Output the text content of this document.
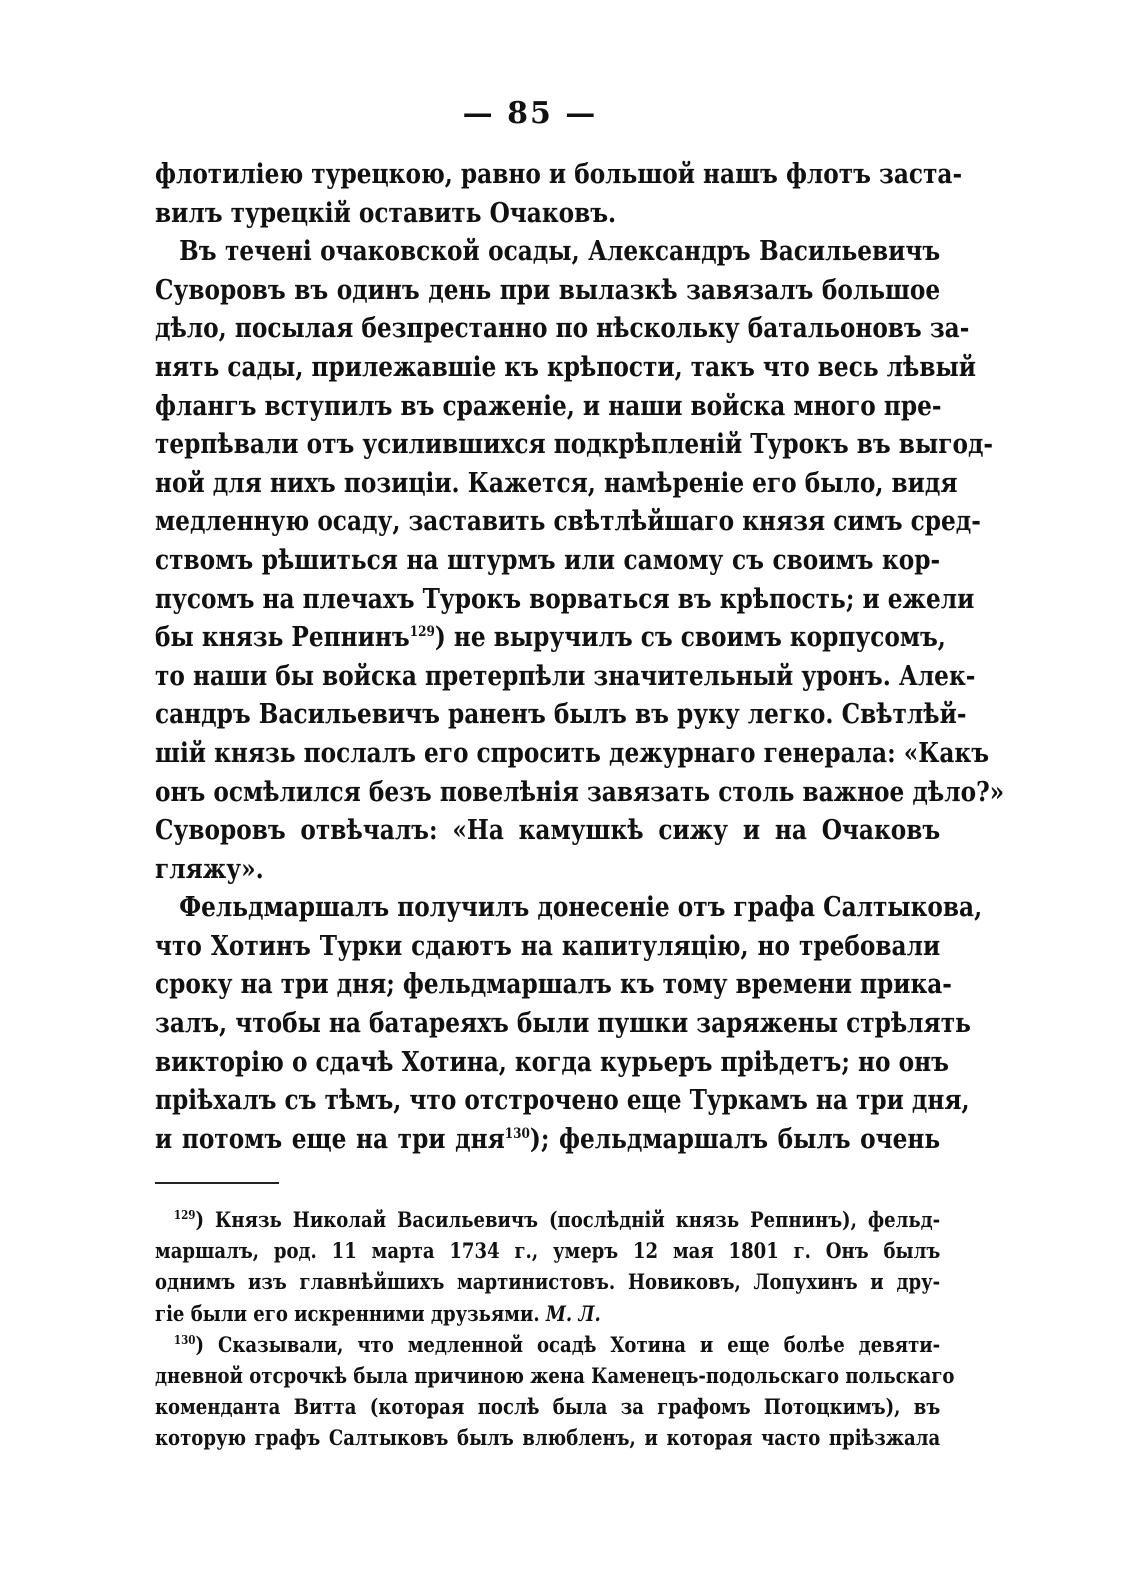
— 85 —
флотиліею турецкою, равно и большой нашъ флотъ заста-
вилъ турецкій оставить Очаковъ.
Въ течені очаковской осады, Александръ Васильевичъ
Суворовъ въ одинъ день при вылазкѣ завязалъ большое
дѣло, посылая безпрестанно по нѣскольку батальоновъ за-
нять сады, прилежавшіе къ крѣпости, такъ что весь лѣвый
флангъ вступилъ въ сраженіе, и наши войска много пре-
терпѣвали отъ усилившихся подкрѣпленій Турокъ въ выгод-
ной для нихъ позиціи. Кажется, намѣреніе его было, видя
медленную осаду, заставить свѣтлѣйшаго князя симъ сред-
ствомъ рѣшиться на штурмъ или самому съ своимъ кор-
пусомъ на плечахъ Турокъ ворваться въ крѣпость; и ежели
бы князь Репнинъ$^{129}$) не выручилъ съ своимъ корпусомъ,
то наши бы войска претерпѣли значительный уронъ. Алек-
сандръ Васильевичъ раненъ былъ въ руку легко. Свѣтлѣй-
шій князь послалъ его спросить дежурнаго генерала: «Какъ
онъ осмѣлился безъ повелѣнія завязать столь важное дѣло?»
Суворовъ отвѣчалъ: «На камушкѣ сижу и на Очаковъ
гляжу».
Фельдмаршалъ получилъ донесеніе отъ графа Салтыкова,
что Хотинъ Турки сдаютъ на капитуляцію, но требовали
сроку на три дня; фельдмаршалъ къ тому времени прика-
залъ, чтобы на батареяхъ были пушки заряжены стрѣлять
викторію о сдачѣ Хотина, когда курьеръ пріѣдетъ; но онъ
пріѣхалъ съ тѣмъ, что отстрочено еще Туркамъ на три дня,
и потомъ еще на три дня$^{130}$); фельдмаршалъ былъ очень
$^{129}$) Князь Николай Васильевичъ (послѣдній князь Репнинъ), фельд-
маршалъ, род. 11 марта 1734 г., умеръ 12 мая 1801 г. Онъ былъ
однимъ изъ главнѣйшихъ мартинистовъ. Новиковъ, Лопухинъ и дру-
гіе были его искренними друзьями. М. Л.
$^{130}$) Сказывали, что медленной осадѣ Хотина и еще болѣе девяти-
дневной отсрочкѣ была причиною жена Каменецъ-подольскаго польскаго
коменданта Витта (которая послѣ была за графомъ Потоцкимъ), въ
которую графъ Салтыковъ былъ влюбленъ, и которая часто пріѣзжала
